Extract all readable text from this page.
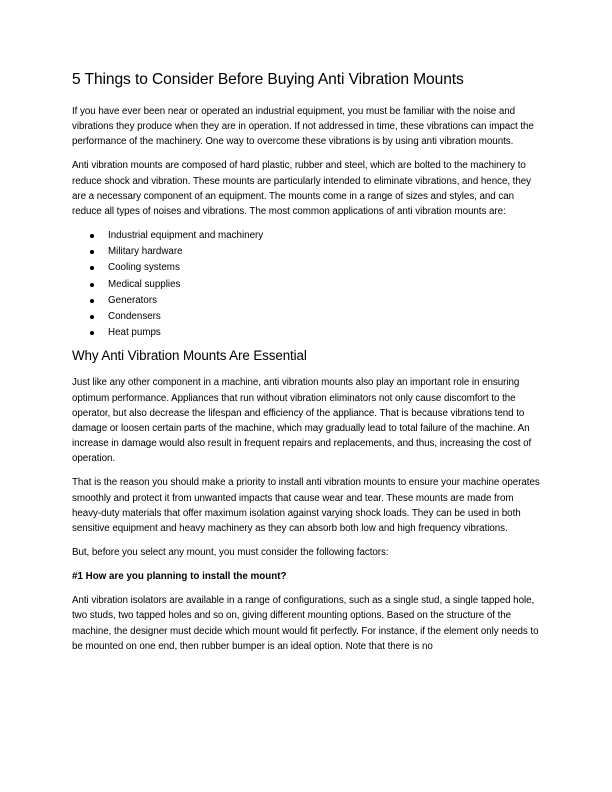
5 Things to Consider Before Buying Anti Vibration Mounts

If you have ever been near or operated an industrial equipment, you must be familiar with the noise and vibrations they produce when they are in operation. If not addressed in time, these vibrations can impact the performance of the machinery. One way to overcome these vibrations is by using anti vibration mounts.

Anti vibration mounts are composed of hard plastic, rubber and steel, which are bolted to the machinery to reduce shock and vibration. These mounts are particularly intended to eliminate vibrations, and hence, they are a necessary component of an equipment. The mounts come in a range of sizes and styles, and can reduce all types of noises and vibrations. The most common applications of anti vibration mounts are:

Industrial equipment and machinery
Military hardware
Cooling systems
Medical supplies
Generators
Condensers
Heat pumps
Why Anti Vibration Mounts Are Essential

Just like any other component in a machine, anti vibration mounts also play an important role in ensuring optimum performance. Appliances that run without vibration eliminators not only cause discomfort to the operator, but also decrease the lifespan and efficiency of the appliance. That is because vibrations tend to damage or loosen certain parts of the machine, which may gradually lead to total failure of the machine. An increase in damage would also result in frequent repairs and replacements, and thus, increasing the cost of operation.

That is the reason you should make a priority to install anti vibration mounts to ensure your machine operates smoothly and protect it from unwanted impacts that cause wear and tear. These mounts are made from heavy-duty materials that offer maximum isolation against varying shock loads. They can be used in both sensitive equipment and heavy machinery as they can absorb both low and high frequency vibrations.

But, before you select any mount, you must consider the following factors:

#1 How are you planning to install the mount?

Anti vibration isolators are available in a range of configurations, such as a single stud, a single tapped hole, two studs, two tapped holes and so on, giving different mounting options. Based on the structure of the machine, the designer must decide which mount would fit perfectly. For instance, if the element only needs to be mounted on one end, then rubber bumper is an ideal option. Note that there is no
